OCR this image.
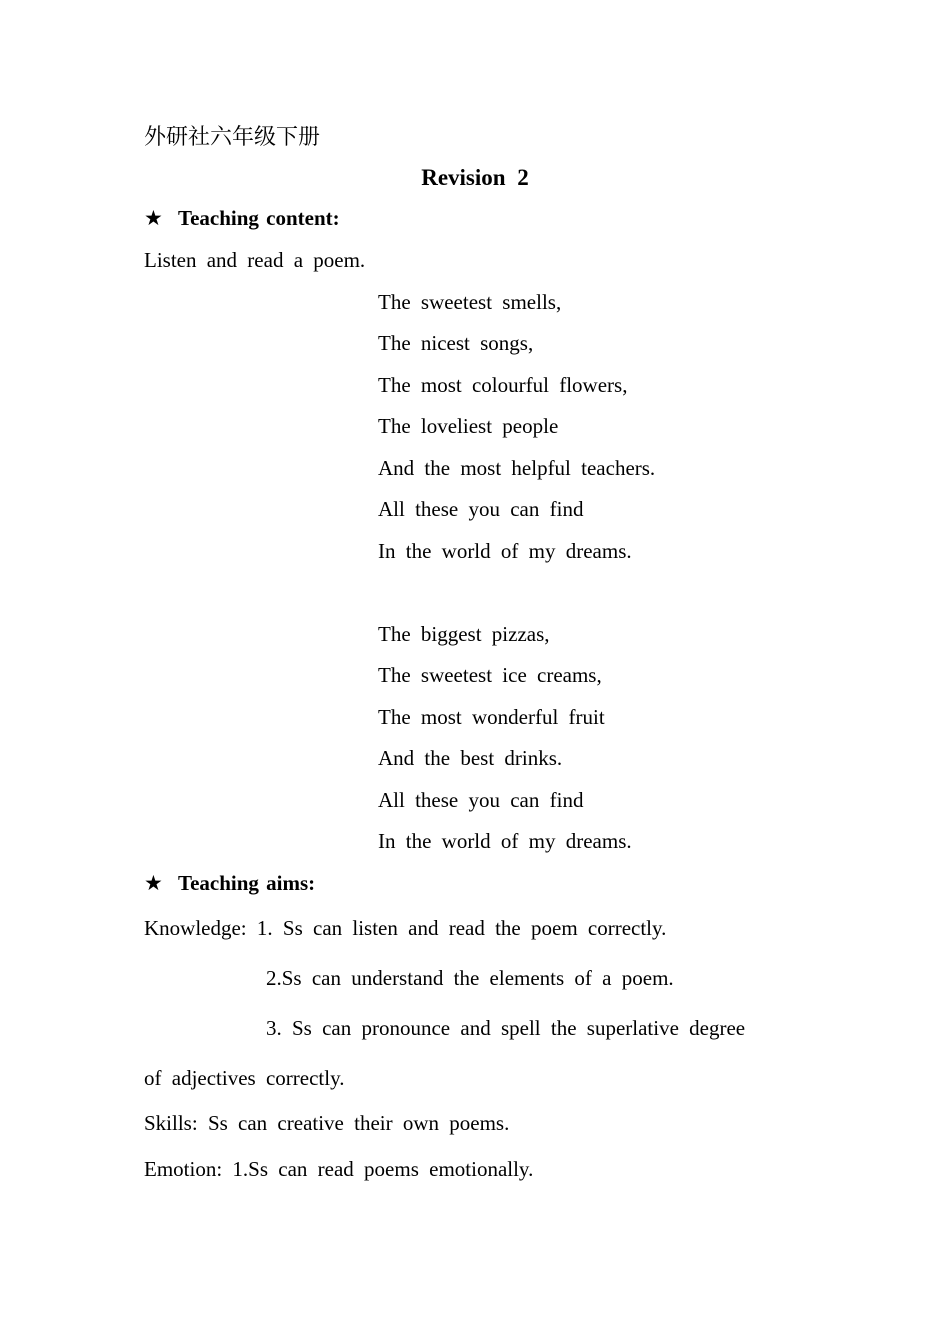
外研社六年级下册
Revision 2
★ Teaching content:
Listen and read a poem.
The sweetest smells,
The nicest songs,
The most colourful flowers,
The loveliest people
And the most helpful teachers.
All these you can find
In the world of my dreams.
The biggest pizzas,
The sweetest ice creams,
The most wonderful fruit
And the best drinks.
All these you can find
In the world of my dreams.
★ Teaching aims:
Knowledge: 1. Ss can listen and read the poem correctly.
2.Ss can understand the elements of a poem.
3. Ss can pronounce and spell the superlative degree
of adjectives correctly.
Skills: Ss can creative their own poems.
Emotion: 1.Ss can read poems emotionally.
